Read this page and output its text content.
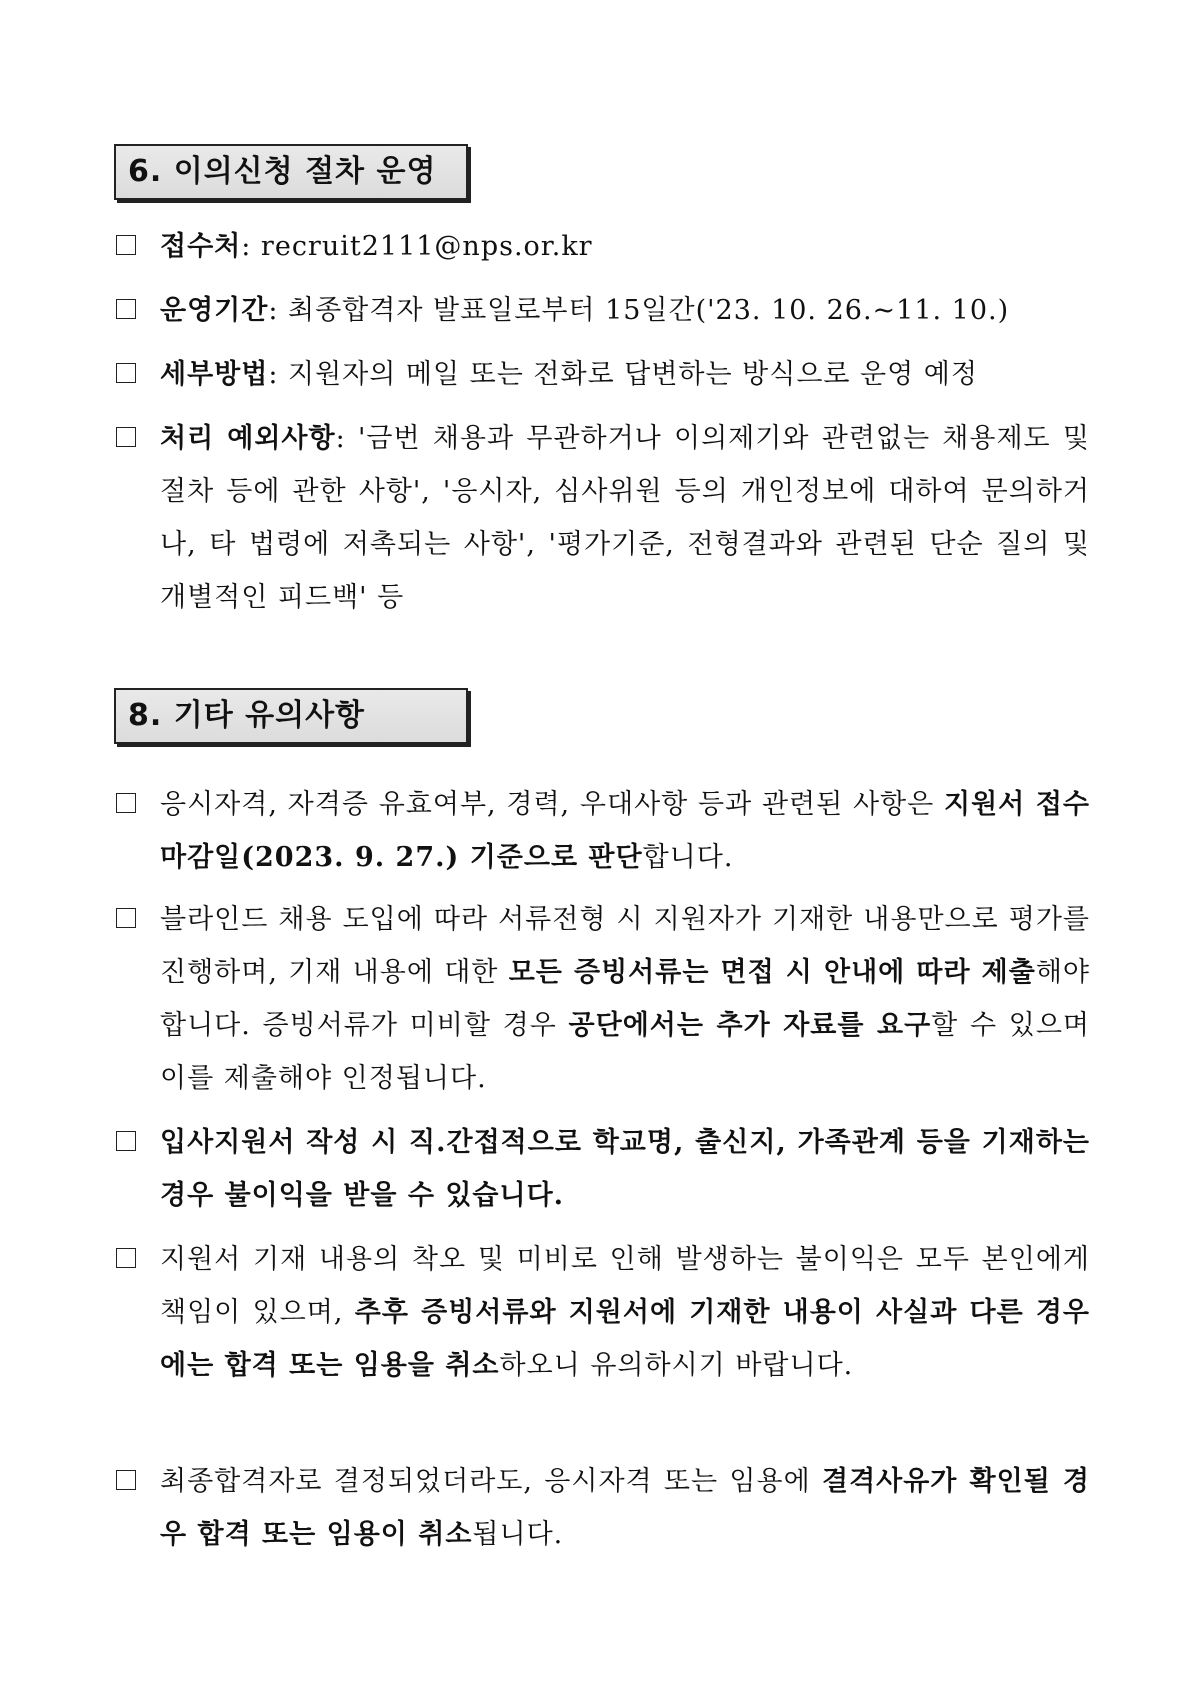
6. 이의신청 절차 운영
접수처: recruit2111@nps.or.kr
운영기간: 최종합격자 발표일로부터 15일간('23. 10. 26.~11. 10.)
세부방법: 지원자의 메일 또는 전화로 답변하는 방식으로 운영 예정
처리 예외사항: '금번 채용과 무관하거나 이의제기와 관련없는 채용제도 및 절차 등에 관한 사항', '응시자, 심사위원 등의 개인정보에 대하여 문의하거나, 타 법령에 저촉되는 사항', '평가기준, 전형결과와 관련된 단순 질의 및 개별적인 피드백' 등
8. 기타 유의사항
응시자격, 자격증 유효여부, 경력, 우대사항 등과 관련된 사항은 지원서 접수 마감일(2023. 9. 27.) 기준으로 판단합니다.
블라인드 채용 도입에 따라 서류전형 시 지원자가 기재한 내용만으로 평가를 진행하며, 기재 내용에 대한 모든 증빙서류는 면접 시 안내에 따라 제출해야 합니다. 증빙서류가 미비할 경우 공단에서는 추가 자료를 요구할 수 있으며 이를 제출해야 인정됩니다.
입사지원서 작성 시 직.간접적으로 학교명, 출신지, 가족관계 등을 기재하는 경우 불이익을 받을 수 있습니다.
지원서 기재 내용의 착오 및 미비로 인해 발생하는 불이익은 모두 본인에게 책임이 있으며, 추후 증빙서류와 지원서에 기재한 내용이 사실과 다른 경우에는 합격 또는 임용을 취소하오니 유의하시기 바랍니다.
최종합격자로 결정되었더라도, 응시자격 또는 임용에 결격사유가 확인될 경우 합격 또는 임용이 취소됩니다.
